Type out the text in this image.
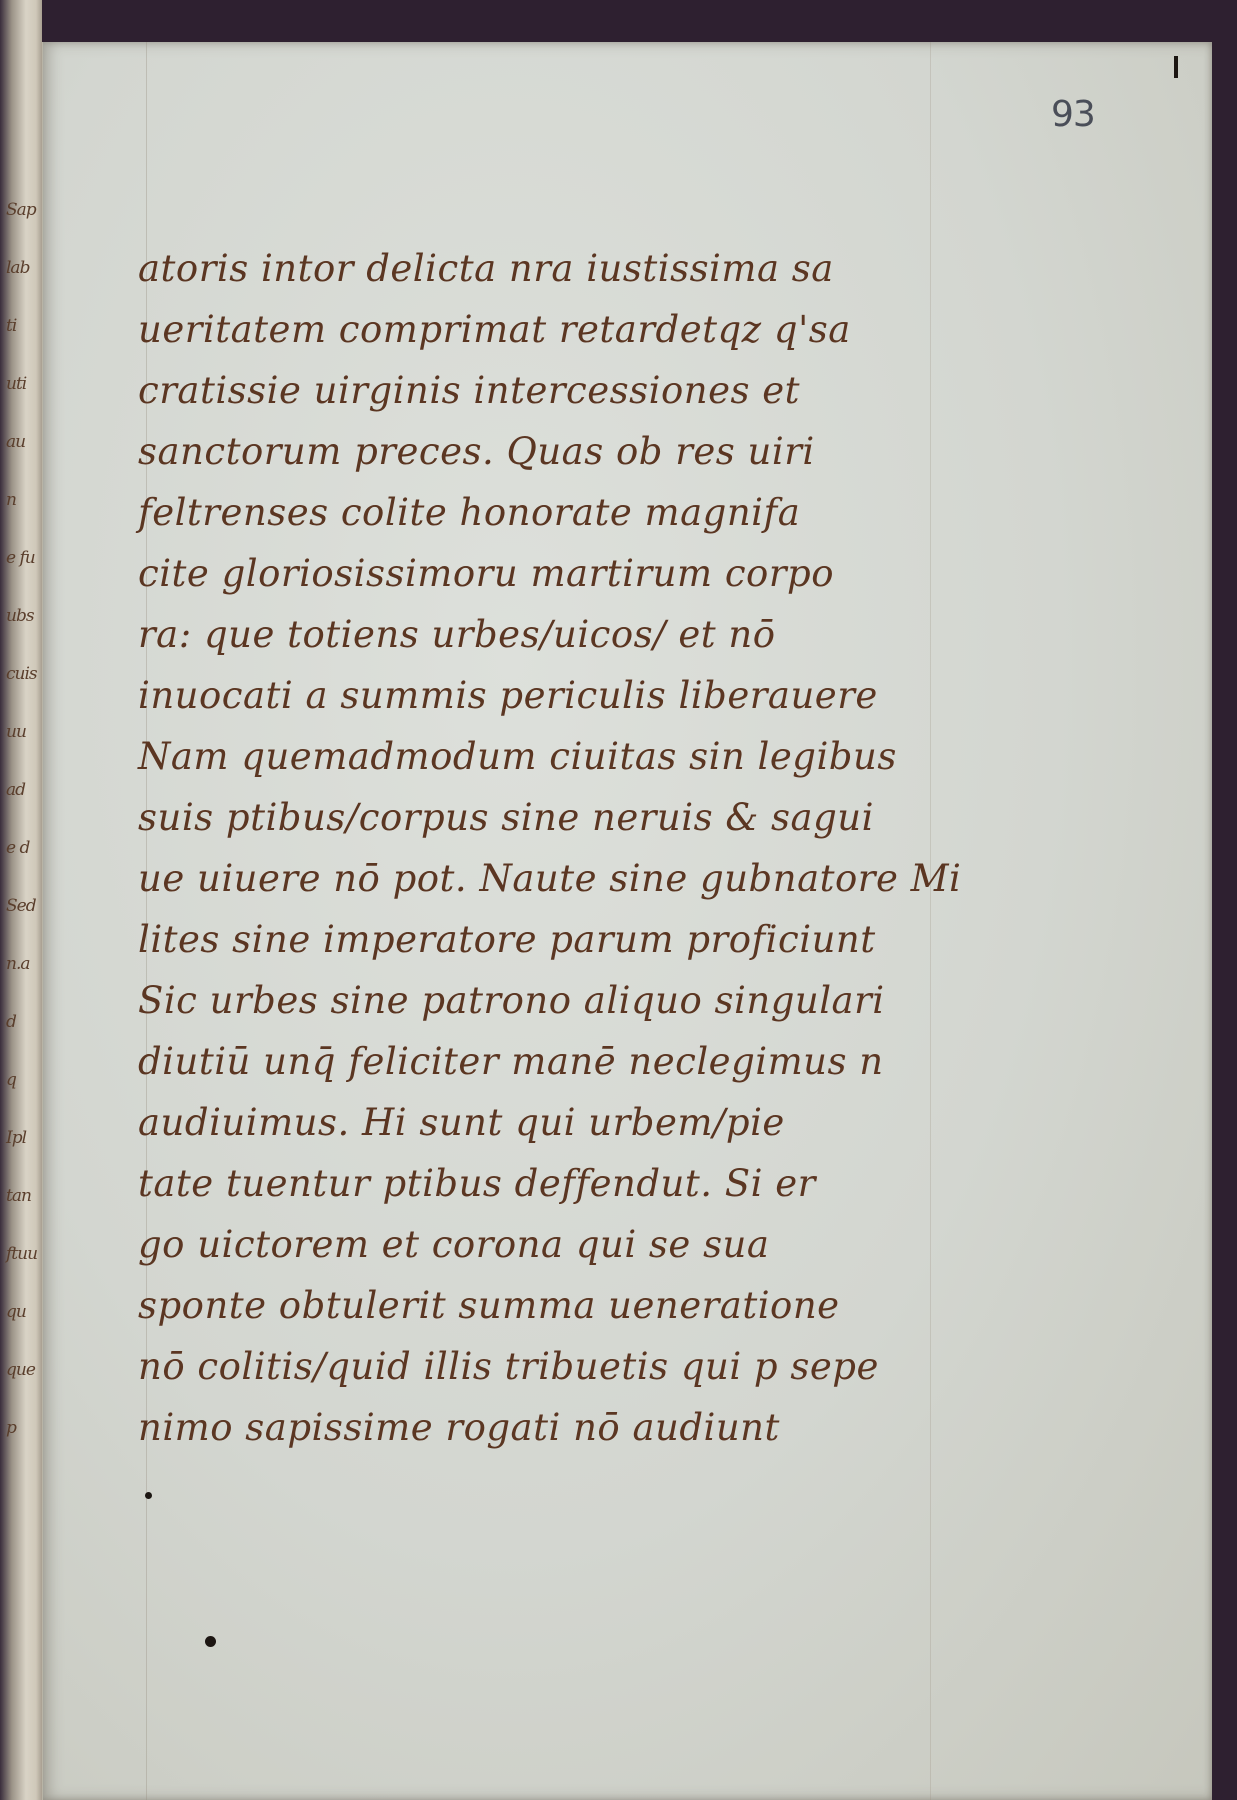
Sap
lab
ti
uti
au
n
e fu
ubs
cuis
uu
ad
e d
Sed
n.a
d
q
Ipl
tan
ftuu
qu
que
p
93
atoris intor delicta nra iustissima sa
ueritatem comprimat retardetqz q'sa
cratissie uirginis intercessiones et
sanctorum preces. Quas ob res uiri
feltrenses colite honorate magnifa
cite gloriosissimoru martirum corpo
ra: que totiens urbes/uicos/ et nō
inuocati a summis periculis liberauere
Nam quemadmodum ciuitas sin legibus
suis ptibus/corpus sine neruis & sagui
ue uiuere nō pot. Naute sine gubnatore Mi
lites sine imperatore parum proficiunt
Sic urbes sine patrono aliquo singulari
diutiū unq̄ feliciter manē neclegimus n
audiuimus. Hi sunt qui urbem/pie
tate tuentur ptibus deffendut. Si er
go uictorem et corona qui se sua
sponte obtulerit summa ueneratione
nō colitis/quid illis tribuetis qui p sepe
nimo sapissime rogati nō audiunt
